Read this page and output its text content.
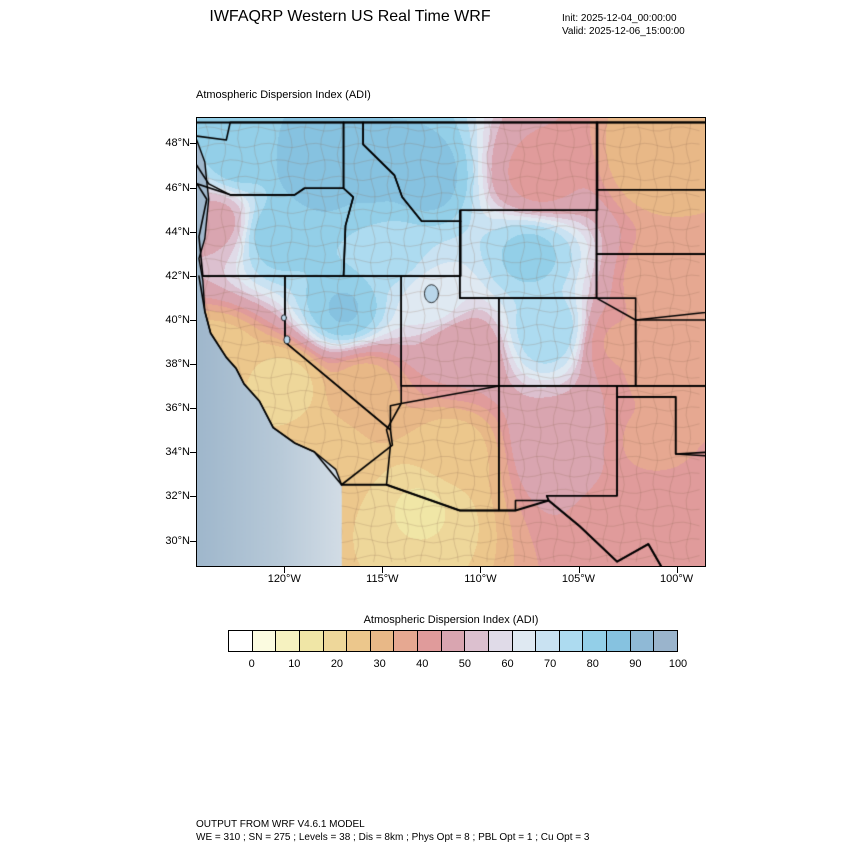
IWFAQRP Western US Real Time WRF	Init: 2025-12-04_00:00:00
Valid: 2025-12-06_15:00:00
Atmospheric Dispersion Index (ADI)
30°N
32°N
34°N
36°N
38°N
40°N
42°N
44°N
46°N
48°N
120°W	115°W	110°W	105°W	100°W
Atmospheric Dispersion Index (ADI)
0	10	20	30	40	50	60	70	80	90 100
OUTPUT FROM WRF V4.6.1 MODEL
WE = 310 ; SN = 275 ; Levels = 38 ; Dis = 8km ; Phys Opt = 8 ; PBL Opt = 1 ; Cu Opt = 3
